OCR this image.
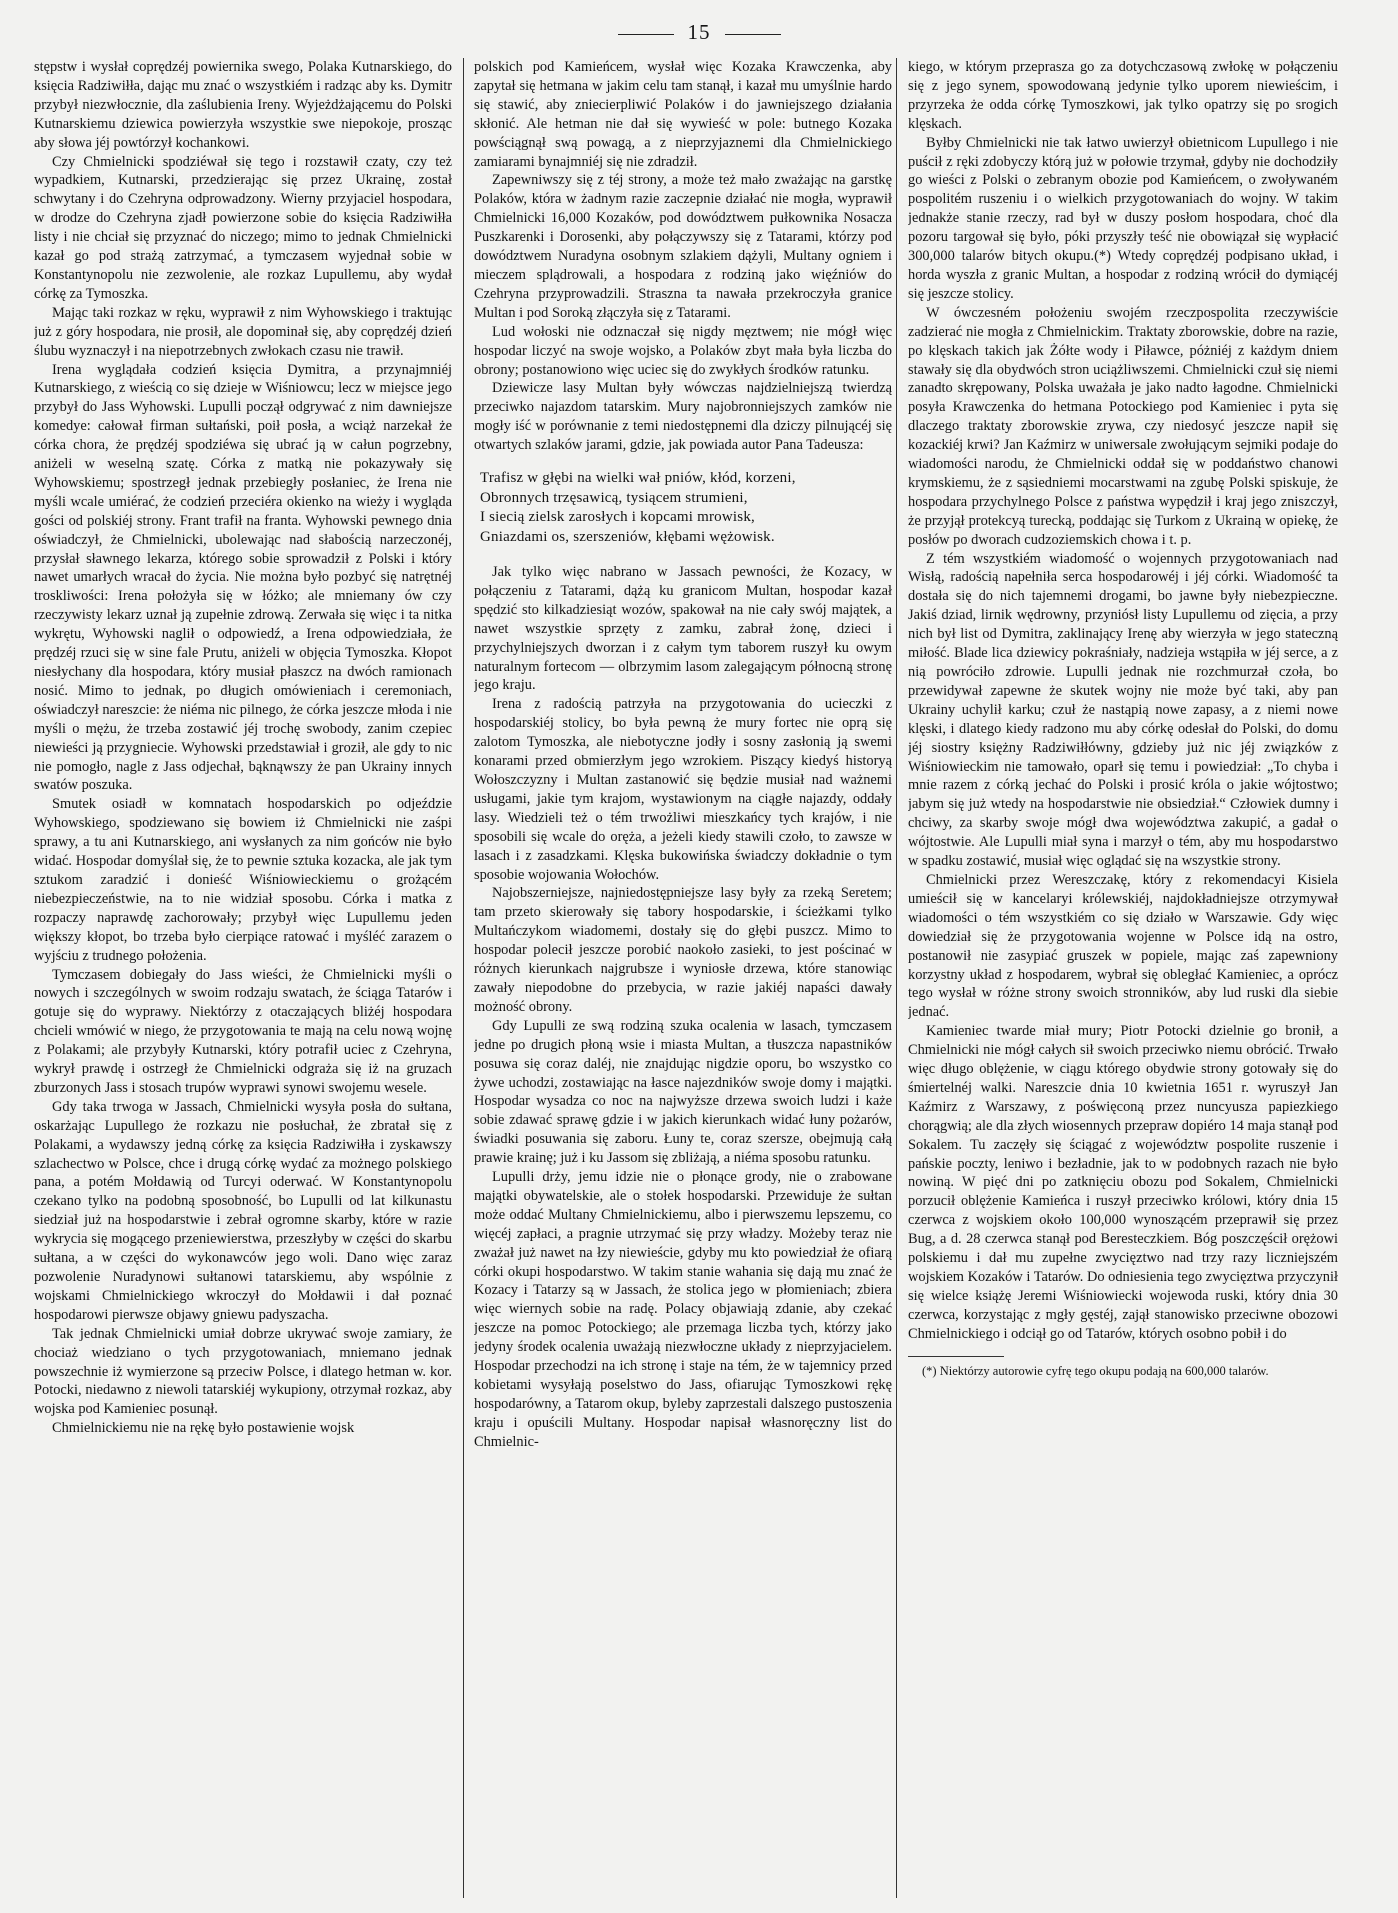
15

stępstw i wysłał coprędzéj powiernika swego, Polaka Kutnarskiego, do księcia Radziwiłła, dając mu znać o wszystkiém i radząc aby ks. Dymitr przybył niezwłocznie, dla zaślubienia Ireny. Wyjeżdżającemu do Polski Kutnarskiemu dziewica powierzyła wszystkie swe niepokoje, prosząc aby słowa jéj powtórzył kochankowi.

Czy Chmielnicki spodziéwał się tego i rozstawił czaty, czy też wypadkiem, Kutnarski, przedzierając się przez Ukrainę, został schwytany i do Czehryna odprowadzony. Wierny przyjaciel hospodara, w drodze do Czehryna zjadł powierzone sobie do księcia Radziwiłła listy i nie chciał się przyznać do niczego; mimo to jednak Chmielnicki kazał go pod strażą zatrzymać, a tymczasem wyjednał sobie w Konstantynopolu nie zezwolenie, ale rozkaz Lupullemu, aby wydał córkę za Tymoszka.

Mając taki rozkaz w ręku, wyprawił z nim Wyhowskiego i traktując już z góry hospodara, nie prosił, ale dopominał się, aby coprędzéj dzień ślubu wyznaczył i na niepotrzebnych zwłokach czasu nie trawił.

Irena wyglądała codzień księcia Dymitra, a przynajmniéj Kutnarskiego, z wieścią co się dzieje w Wiśniowcu; lecz w miejsce jego przybył do Jass Wyhowski. Lupulli począł odgrywać z nim dawniejsze komedye: całował firman sułtański, poił posła, a wciąż narzekał że córka chora, że prędzéj spodziéwa się ubrać ją w całun pogrzebny, aniżeli w weselną szatę. Córka z matką nie pokazywały się Wyhowskiemu; spostrzegł jednak przebiegły posłaniec, że Irena nie myśli wcale umiérać, że codzień przeciéra okienko na wieży i wygląda gości od polskiéj strony. Frant trafił na franta. Wyhowski pewnego dnia oświadczył, że Chmielnicki, ubolewając nad słabością narzeczonéj, przysłał sławnego lekarza, którego sobie sprowadził z Polski i który nawet umarłych wracał do życia. Nie można było pozbyć się natrętnéj troskliwości: Irena położyła się w łóżko; ale mniemany ów czy rzeczywisty lekarz uznał ją zupełnie zdrową. Zerwała się więc i ta nitka wykrętu, Wyhowski naglił o odpowiedź, a Irena odpowiedziała, że prędzéj rzuci się w sine fale Prutu, aniżeli w objęcia Tymoszka. Kłopot niesłychany dla hospodara, który musiał płaszcz na dwóch ramionach nosić. Mimo to jednak, po długich omówieniach i ceremoniach, oświadczył nareszcie: że niéma nic pilnego, że córka jeszcze młoda i nie myśli o mężu, że trzeba zostawić jéj trochę swobody, zanim czepiec niewieści ją przygniecie. Wyhowski przedstawiał i groził, ale gdy to nic nie pomogło, nagle z Jass odjechał, bąknąwszy że pan Ukrainy innych swatów poszuka.

Smutek osiadł w komnatach hospodarskich po odjeździe Wyhowskiego, spodziewano się bowiem iż Chmielnicki nie zaśpi sprawy, a tu ani Kutnarskiego, ani wysłanych za nim gońców nie było widać. Hospodar domyślał się, że to pewnie sztuka kozacka, ale jak tym sztukom zaradzić i donieść Wiśniowieckiemu o grożącém niebezpieczeństwie, na to nie widział sposobu. Córka i matka z rozpaczy naprawdę zachorowały; przybył więc Lupullemu jeden większy kłopot, bo trzeba było cierpiące ratować i myśléć zarazem o wyjściu z trudnego położenia.

Tymczasem dobiegały do Jass wieści, że Chmielnicki myśli o nowych i szczególnych w swoim rodzaju swatach, że ściąga Tatarów i gotuje się do wyprawy. Niektórzy z otaczających bliżéj hospodara chcieli wmówić w niego, że przygotowania te mają na celu nową wojnę z Polakami; ale przybyły Kutnarski, który potrafił uciec z Czehryna, wykrył prawdę i ostrzegł że Chmielnicki odgraża się iż na gruzach zburzonych Jass i stosach trupów wyprawi synowi swojemu wesele.

Gdy taka trwoga w Jassach, Chmielnicki wysyła posła do sułtana, oskarżając Lupullego że rozkazu nie posłuchał, że zbratał się z Polakami, a wydawszy jedną córkę za księcia Radziwiłła i zyskawszy szlachectwo w Polsce, chce i drugą córkę wydać za możnego polskiego pana, a potém Mołdawią od Turcyi oderwać. W Konstantynopolu czekano tylko na podobną sposobność, bo Lupulli od lat kilkunastu siedział już na hospodarstwie i zebrał ogromne skarby, które w razie wykrycia się mogącego przeniewierstwa, przeszłyby w części do skarbu sułtana, a w części do wykonawców jego woli. Dano więc zaraz pozwolenie Nuradynowi sułtanowi tatarskiemu, aby wspólnie z wojskami Chmielnickiego wkroczył do Mołdawii i dał poznać hospodarowi pierwsze objawy gniewu padyszacha.

Tak jednak Chmielnicki umiał dobrze ukrywać swoje zamiary, że chociaż wiedziano o tych przygotowaniach, mniemano jednak powszechnie iż wymierzone są przeciw Polsce, i dlatego hetman w. kor. Potocki, niedawno z niewoli tatarskiéj wykupiony, otrzymał rozkaz, aby wojska pod Kamieniec posunął.

Chmielnickiemu nie na rękę było postawienie wojsk

polskich pod Kamieńcem, wysłał więc Kozaka Krawczenka, aby zapytał się hetmana w jakim celu tam stanął, i kazał mu umyślnie hardo się stawić, aby zniecierpliwić Polaków i do jawniejszego działania skłonić. Ale hetman nie dał się wywieść w pole: butnego Kozaka powściągnął swą powagą, a z nieprzyjaznemi dla Chmielnickiego zamiarami bynajmniéj się nie zdradził.

Zapewniwszy się z téj strony, a może też mało zważając na garstkę Polaków, która w żadnym razie zaczepnie działać nie mogła, wyprawił Chmielnicki 16,000 Kozaków, pod dowództwem pułkownika Nosacza Puszkarenki i Dorosenki, aby połączywszy się z Tatarami, którzy pod dowództwem Nuradyna osobnym szlakiem dążyli, Multany ogniem i mieczem splądrowali, a hospodara z rodziną jako więźniów do Czehryna przyprowadzili. Straszna ta nawała przekroczyła granice Multan i pod Soroką złączyła się z Tatarami.

Lud wołoski nie odznaczał się nigdy męztwem; nie mógł więc hospodar liczyć na swoje wojsko, a Polaków zbyt mała była liczba do obrony; postanowiono więc uciec się do zwykłych środków ratunku.

Dziewicze lasy Multan były wówczas najdzielniejszą twierdzą przeciwko najazdom tatarskim. Mury najobronniejszych zamków nie mogły iść w porównanie z temi niedostępnemi dla dziczy pilnującéj się otwartych szlaków jarami, gdzie, jak powiada autor Pana Tadeusza:

Trafisz w głębi na wielki wał pniów, kłód, korzeni,
Obronnych trzęsawicą, tysiącem strumieni,
I siecią zielsk zarosłych i kopcami mrowisk,
Gniazdami os, szerszeniów, kłębami wężowisk.

Jak tylko więc nabrano w Jassach pewności, że Kozacy, w połączeniu z Tatarami, dążą ku granicom Multan, hospodar kazał spędzić sto kilkadziesiąt wozów, spakował na nie cały swój majątek, a nawet wszystkie sprzęty z zamku, zabrał żonę, dzieci i przychylniejszych dworzan i z całym tym taborem ruszył ku owym naturalnym fortecom — olbrzymim lasom zalegającym północną stronę jego kraju.

Irena z radością patrzyła na przygotowania do ucieczki z hospodarskiéj stolicy, bo była pewną że mury fortec nie oprą się zalotom Tymoszka, ale niebotyczne jodły i sosny zasłonią ją swemi konarami przed obmierzłym jego wzrokiem. Piszący kiedyś historyą Wołoszczyzny i Multan zastanowić się będzie musiał nad ważnemi usługami, jakie tym krajom, wystawionym na ciągłe najazdy, oddały lasy. Wiedzieli też o tém trwożliwi mieszkańcy tych krajów, i nie sposobili się wcale do oręża, a jeżeli kiedy stawili czoło, to zawsze w lasach i z zasadzkami. Klęska bukowińska świadczy dokładnie o tym sposobie wojowania Wołochów.

Najobszerniejsze, najniedostępniejsze lasy były za rzeką Seretem; tam przeto skierowały się tabory hospodarskie, i ścieżkami tylko Multańczykom wiadomemi, dostały się do głębi puszcz. Mimo to hospodar polecił jeszcze porobić naokoło zasieki, to jest pościnać w różnych kierunkach najgrubsze i wyniosłe drzewa, które stanowiąc zawały niepodobne do przebycia, w razie jakiéj napaści dawały możność obrony.

Gdy Lupulli ze swą rodziną szuka ocalenia w lasach, tymczasem jedne po drugich płoną wsie i miasta Multan, a tłuszcza napastników posuwa się coraz daléj, nie znajdując nigdzie oporu, bo wszystko co żywe uchodzi, zostawiając na łasce najezdników swoje domy i majątki. Hospodar wysadza co noc na najwyższe drzewa swoich ludzi i każe sobie zdawać sprawę gdzie i w jakich kierunkach widać łuny pożarów, świadki posuwania się zaboru. Łuny te, coraz szersze, obejmują całą prawie krainę; już i ku Jassom się zbliżają, a niéma sposobu ratunku.

Lupulli drży, jemu idzie nie o płonące grody, nie o zrabowane majątki obywatelskie, ale o stołek hospodarski. Przewiduje że sułtan może oddać Multany Chmielnickiemu, albo i pierwszemu lepszemu, co więcéj zapłaci, a pragnie utrzymać się przy władzy. Możeby teraz nie zważał już nawet na łzy niewieście, gdyby mu kto powiedział że ofiarą córki okupi hospodarstwo. W takim stanie wahania się dają mu znać że Kozacy i Tatarzy są w Jassach, że stolica jego w płomieniach; zbiera więc wiernych sobie na radę. Polacy objawiają zdanie, aby czekać jeszcze na pomoc Potockiego; ale przemaga liczba tych, którzy jako jedyny środek ocalenia uważają niezwłoczne układy z nieprzyjacielem. Hospodar przechodzi na ich stronę i staje na tém, że w tajemnicy przed kobietami wysyłają poselstwo do Jass, ofiarując Tymoszkowi rękę hospodarówny, a Tatarom okup, byleby zaprzestali dalszego pustoszenia kraju i opuścili Multany. Hospodar napisał własnoręczny list do Chmielnic-

kiego, w którym przeprasza go za dotychczasową zwłokę w połączeniu się z jego synem, spowodowaną jedynie tylko uporem niewieścim, i przyrzeka że odda córkę Tymoszkowi, jak tylko opatrzy się po srogich klęskach.

Byłby Chmielnicki nie tak łatwo uwierzył obietnicom Lupullego i nie puścił z ręki zdobyczy którą już w połowie trzymał, gdyby nie dochodziły go wieści z Polski o zebranym obozie pod Kamieńcem, o zwoływaném pospolitém ruszeniu i o wielkich przygotowaniach do wojny. W takim jednakże stanie rzeczy, rad był w duszy posłom hospodara, choć dla pozoru targował się było, póki przyszły teść nie obowiązał się wypłacić 300,000 talarów bitych okupu.(*) Wtedy coprędzéj podpisano układ, i horda wyszła z granic Multan, a hospodar z rodziną wrócił do dymiącéj się jeszcze stolicy.

W ówczesném położeniu swojém rzeczpospolita rzeczywiście zadzierać nie mogła z Chmielnickim. Traktaty zborowskie, dobre na razie, po klęskach takich jak Żółte wody i Piławce, póżniéj z każdym dniem stawały się dla obydwóch stron uciążliwszemi. Chmielnicki czuł się niemi zanadto skrępowany, Polska uważała je jako nadto łagodne. Chmielnicki posyła Krawczenka do hetmana Potockiego pod Kamieniec i pyta się dlaczego traktaty zborowskie zrywa, czy niedosyć jeszcze napił się kozackiéj krwi? Jan Kaźmirz w uniwersale zwołującym sejmiki podaje do wiadomości narodu, że Chmielnicki oddał się w poddaństwo chanowi krymskiemu, że z sąsiedniemi mocarstwami na zgubę Polski spiskuje, że hospodara przychylnego Polsce z państwa wypędził i kraj jego zniszczył, że przyjął protekcyą turecką, poddając się Turkom z Ukrainą w opiekę, że posłów po dworach cudzoziemskich chowa i t. p.

Z tém wszystkiém wiadomość o wojennych przygotowaniach nad Wisłą, radością napełniła serca hospodarowéj i jéj córki. Wiadomość ta dostała się do nich tajemnemi drogami, bo jawne były niebezpieczne. Jakiś dziad, lirnik wędrowny, przyniósł listy Lupullemu od zięcia, a przy nich był list od Dymitra, zaklinający Irenę aby wierzyła w jego stateczną miłość. Blade lica dziewicy pokraśniały, nadzieja wstąpiła w jéj serce, a z nią powróciło zdrowie. Lupulli jednak nie rozchmurzał czoła, bo przewidywał zapewne że skutek wojny nie może być taki, aby pan Ukrainy uchylił karku; czuł że nastąpią nowe zapasy, a z niemi nowe klęski, i dlatego kiedy radzono mu aby córkę odesłał do Polski, do domu jéj siostry księżny Radziwiłłówny, gdzieby już nic jéj związków z Wiśniowieckim nie tamowało, oparł się temu i powiedział: „To chyba i mnie razem z córką jechać do Polski i prosić króla o jakie wójtostwo; jabym się już wtedy na hospodarstwie nie obsiedział.“ Człowiek dumny i chciwy, za skarby swoje mógł dwa województwa zakupić, a gadał o wójtostwie. Ale Lupulli miał syna i marzył o tém, aby mu hospodarstwo w spadku zostawić, musiał więc oglądać się na wszystkie strony.

Chmielnicki przez Wereszczakę, który z rekomendacyi Kisiela umieścił się w kancelaryi królewskiéj, najdokładniejsze otrzymywał wiadomości o tém wszystkiém co się działo w Warszawie. Gdy więc dowiedział się że przygotowania wojenne w Polsce idą na ostro, postanowił nie zasypiać gruszek w popiele, mając zaś zapewniony korzystny układ z hospodarem, wybrał się obległać Kamieniec, a oprócz tego wysłał w różne strony swoich stronników, aby lud ruski dla siebie jednać.

Kamieniec twarde miał mury; Piotr Potocki dzielnie go bronił, a Chmielnicki nie mógł całych sił swoich przeciwko niemu obrócić. Trwało więc długo oblężenie, w ciągu którego obydwie strony gotowały się do śmiertelnéj walki. Nareszcie dnia 10 kwietnia 1651 r. wyruszył Jan Kaźmirz z Warszawy, z poświęconą przez nuncyusza papiezkiego chorągwią; ale dla złych wiosennych przepraw dopiéro 14 maja stanął pod Sokalem. Tu zaczęły się ściągać z województw pospolite ruszenie i pańskie poczty, leniwo i bezładnie, jak to w podobnych razach nie było nowiną. W pięć dni po zatknięciu obozu pod Sokalem, Chmielnicki porzucił oblężenie Kamieńca i ruszył przeciwko królowi, który dnia 15 czerwca z wojskiem około 100,000 wynoszącém przeprawił się przez Bug, a d. 28 czerwca stanął pod Beresteczkiem. Bóg poszczęścił orężowi polskiemu i dał mu zupełne zwycięztwo nad trzy razy liczniejszém wojskiem Kozaków i Tatarów. Do odniesienia tego zwycięztwa przyczynił się wielce książę Jeremi Wiśniowiecki wojewoda ruski, który dnia 30 czerwca, korzystając z mgły gęstéj, zajął stanowisko przeciwne obozowi Chmielnickiego i odciął go od Tatarów, których osobno pobił i do

(*) Niektórzy autorowie cyfrę tego okupu podają na 600,000 talarów.
